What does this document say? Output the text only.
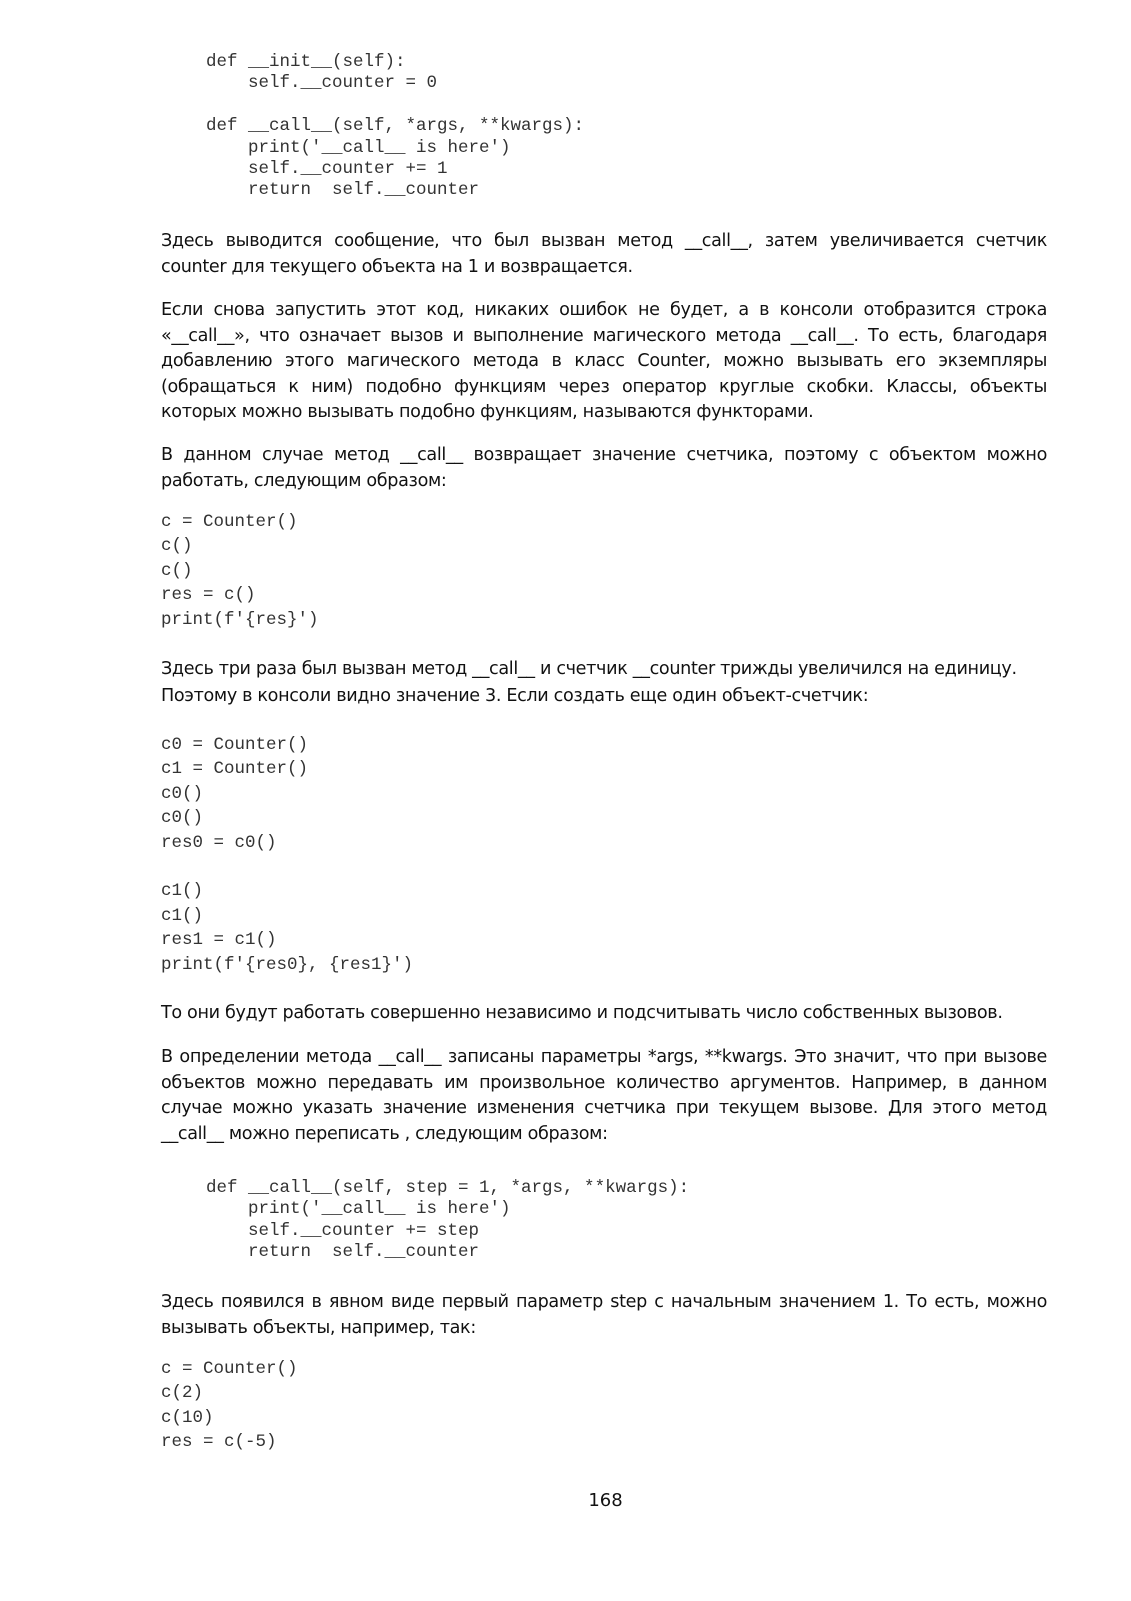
def __init__(self):
self.__counter = 0
def __call__(self, *args, **kwargs):
print('__call__ is here')
self.__counter += 1
return  self.__counter

Здесь выводится сообщение, что был вызван метод __call__, затем увеличивается счетчик counter для текущего объекта на 1 и возвращается.

Если снова запустить этот код, никаких ошибок не будет, а в консоли отобразится строка «__call__», что означает вызов и выполнение магического метода __call__. То есть, благодаря добавлению этого магического метода в класс Counter, можно вызывать его экземпляры (обращаться к ним) подобно функциям через оператор круглые скобки. Классы, объекты которых можно вызывать подобно функциям, называются функторами.

В данном случае метод __call__ возвращает значение счетчика, поэтому с объектом можно работать, следующим образом:

c = Counter()
c()
c()
res = c()
print(f'{res}')

Здесь три раза был вызван метод __call__ и счетчик __counter трижды увеличился на единицу.

Поэтому в консоли видно значение 3. Если создать еще один объект-счетчик:

c0 = Counter()
c1 = Counter()
c0()
c0()
res0 = c0()
c1()
c1()
res1 = c1()
print(f'{res0}, {res1}')

То они будут работать совершенно независимо и подсчитывать число собственных вызовов.

В определении метода __call__ записаны параметры *args, **kwargs. Это значит, что при вызове объектов можно передавать им произвольное количество аргументов. Например, в данном случае можно указать значение изменения счетчика при текущем вызове. Для этого метод __call__ можно переписать , следующим образом:

def __call__(self, step = 1, *args, **kwargs):
print('__call__ is here')
self.__counter += step
return  self.__counter

Здесь появился в явном виде первый параметр step с начальным значением 1. То есть, можно вызывать объекты, например, так:

c = Counter()
c(2)
c(10)
res = c(-5)
168
